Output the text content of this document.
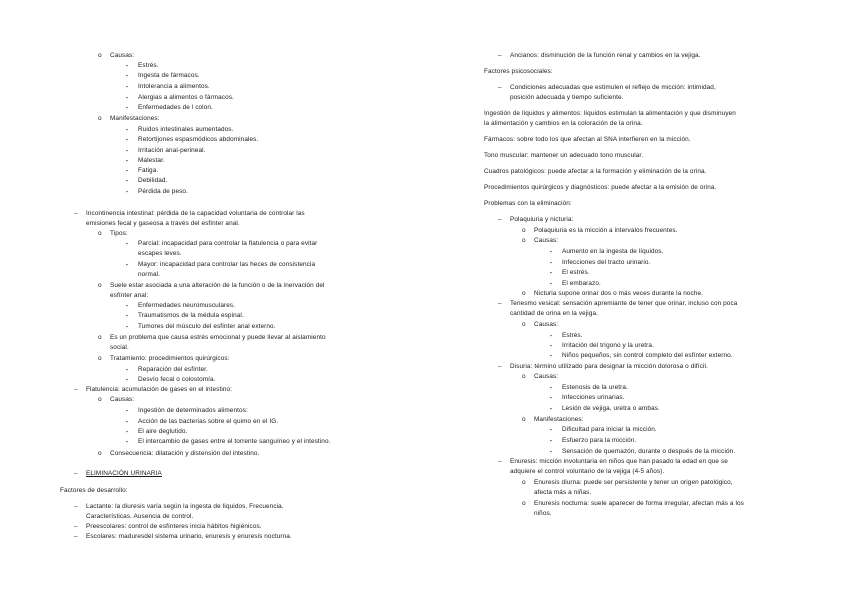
o Causas:
▪ Estrés.
▪ Ingesta de fármacos.
▪ Intolerancia a alimentos.
▪ Alergias a alimentos o fármacos.
▪ Enfermedades de l colon.
o Manifestaciones:
▪ Ruidos intestinales aumentados.
▪ Retortijones espasmódicos abdominales.
▪ Irritación anal-perineal.
▪ Malestar.
▪ Fatiga.
▪ Debilidad.
▪ Pérdida de peso.
– Incontinencia intestinal: pérdida de la capacidad voluntaria de controlar las
emisiones fecal y gaseosa a través del esfínter anal.
o Tipos:
▪ Parcial: incapacidad para controlar la flatulencia o para evitar
escapes leves.
▪ Mayor: incapacidad para controlar las heces de consistencia
normal.
o Suele estar asociada a una alteración de la función o de la inervación del
esfínter anal:
▪ Enfermedades neuromusculares.
▪ Traumatismos de la médula espinal.
▪ Tumores del músculo del esfínter anal externo.
o Es un problema que causa estrés emocional y puede llevar al aislamiento
social.
o Tratamiento: procedimientos quirúrgicos:
▪ Reparación del esfínter.
▪ Desvío fecal o colostomía.
– Flatulencia: acumulación de gases en el intestino:
o Causas:
▪ Ingestión de determinados alimentos:
▪ Acción de las bacterias sobre el quimo en el IG.
▪ El aire deglutido.
▪ El intercambio de gases entre el torrente sanguíneo y el intestino.
o Consecuencia: dilatación y distensión del intestino.
– ELIMINACIÓN URINARIA
Factores de desarrollo:
– Lactante: la diuresis varía según la ingesta de líquidos. Frecuencia.
Características. Ausencia de control.
– Preescolares: control de esfínteres inicia hábitos higiénicos.
– Escolares: maduresdel sistema urinario, enuresis y enuresis nocturna.
– Ancianos: disminución de la función renal y cambios en la vejiga.
Factores psicosociales:
– Condiciones adecuadas que estimulen el reflejo de micción: intimidad,
posición adecuada y tiempo suficiente.
Ingestión de líquidos y alimentos: líquidos estimulan la alimentación y que disminuyen
la alimentación y cambios en la coloración de la orina.
Fármacos: sobre todo los que afectan al SNA interfieren en la micción.
Tono muscular: mantener un adecuado tono muscular.
Cuadros patológicos: puede afectar a la formación y eliminación de la orina.
Procedimientos quirúrgicos y diagnósticos: puede afectar a la emisión de orina.
Problemas con la eliminación:
– Polaquiuria y nicturia:
o Polaquiuria es la micción a intervalos frecuentes.
o Causas:
▪ Aumento en la ingesta de líquidos.
▪ Infecciones del tracto urinario.
▪ El estrés.
▪ El embarazo.
o Nicturia supone orinar dos o más veces durante la noche.
– Tenesmo vesical: sensación apremiante de tener que orinar, incluso con poca
cantidad de orina en la vejiga.
o Causas:
▪ Estrés.
▪ Irritación del trígono y la uretra.
▪ Niños pequeños, sin control completo del esfínter externo.
– Disuria: término utilizado para designar la micción dolorosa o difícil.
o Causas:
▪ Estenosis de la uretra.
▪ Infecciones urinarias.
▪ Lesión de vejiga, uretra o ambas.
o Manifestaciones:
▪ Dificultad para iniciar la micción.
▪ Esfuerzo para la micción.
▪ Sensación de quemazón, durante o después de la micción.
– Enuresis: micción involuntaria en niños que han pasado la edad en que se
adquiere el control voluntario de la vejiga (4-5 años).
o Enuresis diurna: puede ser persistente y tener un origen patológico,
afecta más a niñas.
o Enuresis nocturna: suele aparecer de forma irregular, afectan más a los
niños.
